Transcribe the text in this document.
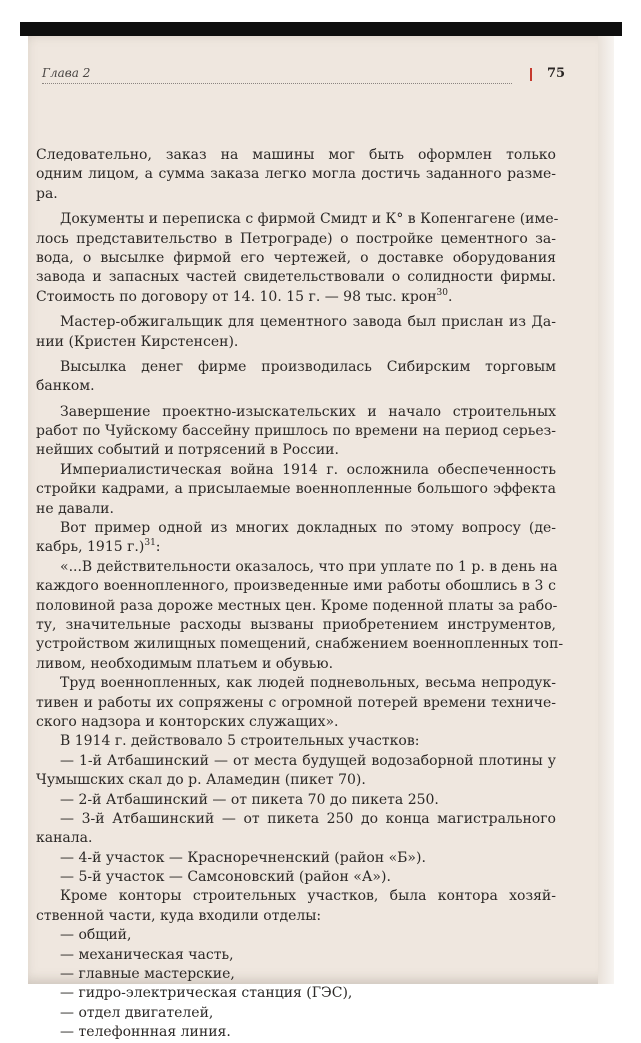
Глава 2	75
Следовательно, заказ на машины мог быть оформлен только
одним лицом, а сумма заказа легко могла достичь заданного разме-
ра.
Документы и переписка с фирмой Смидт и К° в Копенгагене (име-
лось представительство в Петрограде) о постройке цементного за-
вода, о высылке фирмой его чертежей, о доставке оборудования
завода и запасных частей свидетельствовали о солидности фирмы.
Стоимость по договору от 14. 10. 15 г. — 98 тыс. крон$^{30}$.
Мастер-обжигальщик для цементного завода был прислан из Да-
нии (Кристен Кирстенсен).
Высылка денег фирме производилась Сибирским торговым
банком.
Завершение проектно-изыскательских и начало строительных
работ по Чуйскому бассейну пришлось по времени на период серьез-
нейших событий и потрясений в России.
Империалистическая война 1914 г. осложнила обеспеченность
стройки кадрами, а присылаемые военнопленные большого эффекта
не давали.
Вот пример одной из многих докладных по этому вопросу (де-
кабрь, 1915 г.)$^{31}$:
«...В действительности оказалось, что при уплате по 1 р. в день на
каждого военнопленного, произведенные ими работы обошлись в 3 с
половиной раза дороже местных цен. Кроме поденной платы за рабо-
ту, значительные расходы вызваны приобретением инструментов,
устройством жилищных помещений, снабжением военнопленных топ-
ливом, необходимым платьем и обувью.
Труд военнопленных, как людей подневольных, весьма непродук-
тивен и работы их сопряжены с огромной потерей времени техниче-
ского надзора и конторских служащих».
В 1914 г. действовало 5 строительных участков:
— 1-й Атбашинский — от места будущей водозаборной плотины у
Чумышских скал до р. Аламедин (пикет 70).
— 2-й Атбашинский — от пикета 70 до пикета 250.
— 3-й Атбашинский — от пикета 250 до конца магистрального
канала.
— 4-й участок — Красноречненский (район «Б»).
— 5-й участок — Самсоновский (район «А»).
Кроме конторы строительных участков, была контора хозяй-
ственной части, куда входили отделы:
— общий,
— механическая часть,
— главные мастерские,
— гидро-электрическая станция (ГЭС),
— отдел двигателей,
— телефоннная линия.
